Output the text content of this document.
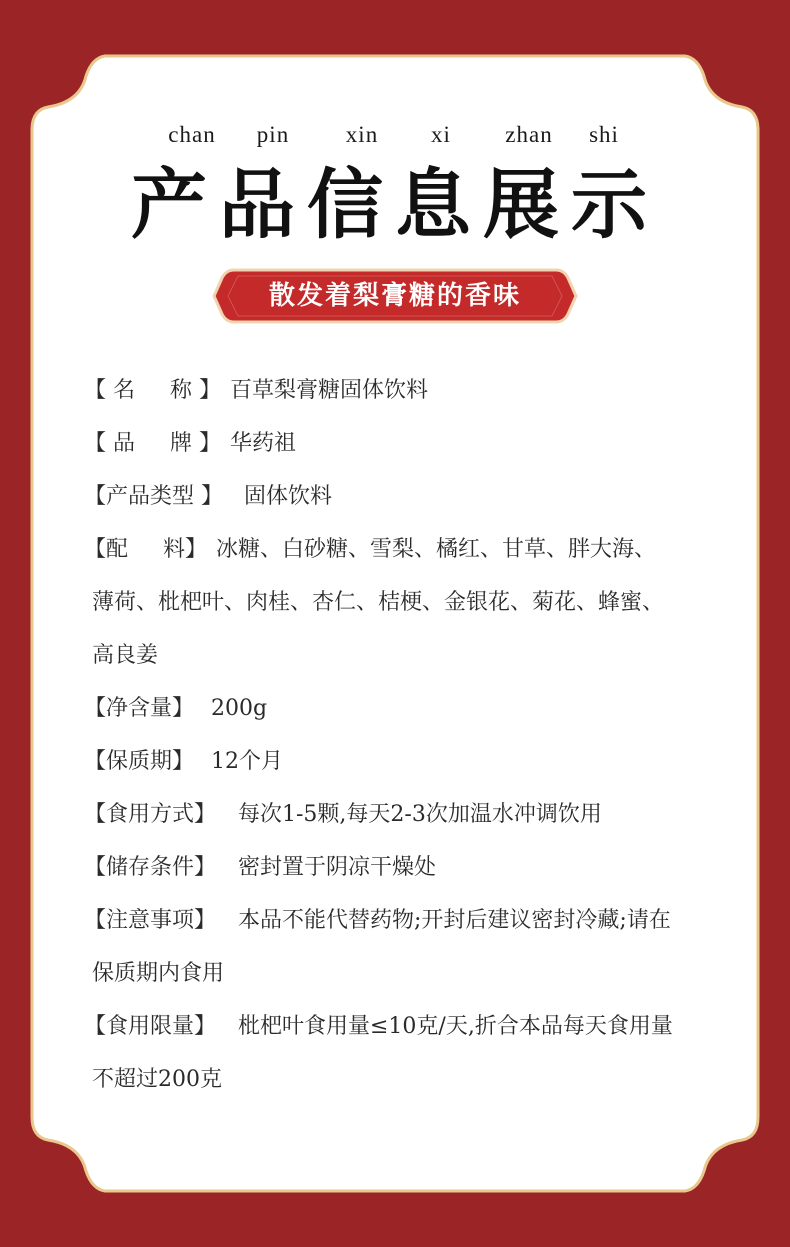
chan pin xin xi zhan shi
产品信息展示
散发着梨膏糖的香味

【 名     称 】 百草梨膏糖固体饮料

【 品     牌 】 华药祖

【产品类型 】 固体饮料

【配     料】 冰糖、白砂糖、雪梨、橘红、甘草、胖大海、

薄荷、枇杷叶、肉桂、杏仁、桔梗、金银花、菊花、蜂蜜、

高良姜

【净含量】 200g

【保质期】 12个月

【食用方式】 每次1-5颗,每天2-3次加温水冲调饮用

【储存条件】 密封置于阴凉干燥处

【注意事项】 本品不能代替药物;开封后建议密封冷藏;请在

保质期内食用

【食用限量】 枇杷叶食用量≤10克/天,折合本品每天食用量

不超过200克
